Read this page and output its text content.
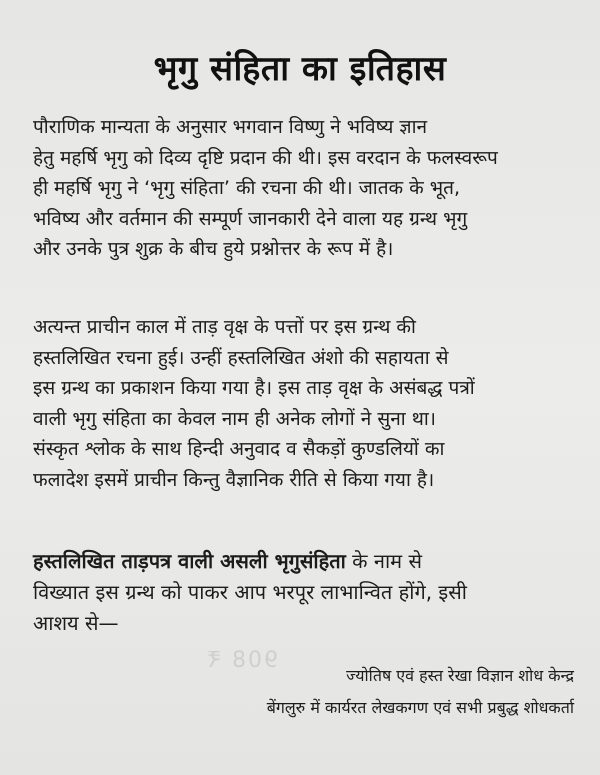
भृगु संहिता का इतिहास
पौराणिक मान्यता के अनुसार भगवान विष्णु ने भविष्य ज्ञान
हेतु महर्षि भृगु को दिव्य दृष्टि प्रदान की थी। इस वरदान के फलस्वरूप
ही महर्षि भृगु ने ‘भृगु संहिता’ की रचना की थी। जातक के भूत,
भविष्य और वर्तमान की सम्पूर्ण जानकारी देने वाला यह ग्रन्थ भृगु
और उनके पुत्र शुक्र के बीच हुये प्रश्नोत्तर के रूप में है।
अत्यन्त प्राचीन काल में ताड़ वृक्ष के पत्तों पर इस ग्रन्थ की
हस्तलिखित रचना हुई। उन्हीं हस्तलिखित अंशो की सहायता से
इस ग्रन्थ का प्रकाशन किया गया है। इस ताड़ वृक्ष के असंबद्ध पत्रों
वाली भृगु संहिता का केवल नाम ही अनेक लोगों ने सुना था।
संस्कृत श्लोक के साथ हिन्दी अनुवाद व सैकड़ों कुण्डलियों का
फलादेश इसमें प्राचीन किन्तु वैज्ञानिक रीति से किया गया है।
हस्तलिखित ताड़पत्र वाली असली भृगुसंहिता के नाम से
विख्यात इस ग्रन्थ को पाकर आप भरपूर लाभान्वित होंगे, इसी
आशय से—
908 ₹
ज्योतिष एवं हस्त रेखा विज्ञान शोध केन्द्र
बेंगलुरु में कार्यरत लेखकगण एवं सभी प्रबुद्ध शोधकर्ता
